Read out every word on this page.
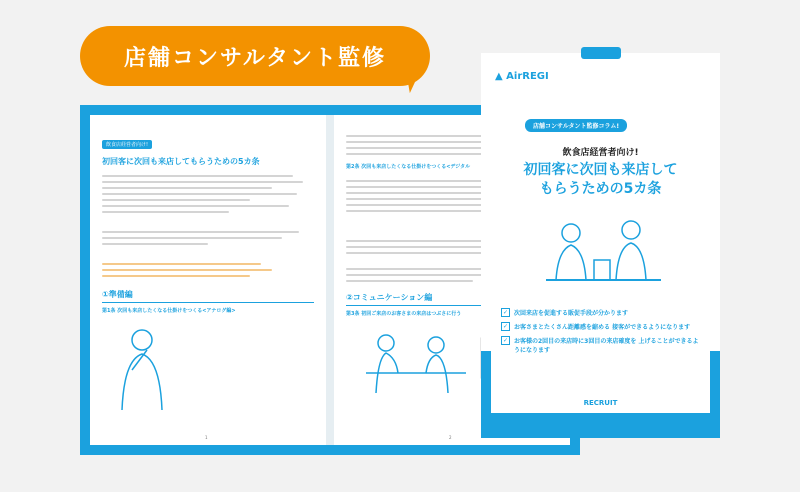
店舗コンサルタント監修
飲食店経営者向け!
初回客に次回も来店してもらうための5カ条
①準備編
第1条 次回も来店したくなる仕掛けをつくる<アナログ編>
1
第2条 次回も来店したくなる仕掛けをつくる<デジタル
②コミュニケーション編
第3条 初回ご来店のお客さまの来店はつぶさに行う
2
▲ AirREGI
店舗コンサルタント監修コラム!
飲食店経営者向け!
初回客に次回も来店して
もらうための5カ条
✓ 次回来店を促進する販促手段が分かります
✓ お客さまとたくさん距離感を縮める 接客ができるようになります
✓ お客様の2回目の来店時に3回目の来店確度を 上げることができるようになります
RECRUIT
